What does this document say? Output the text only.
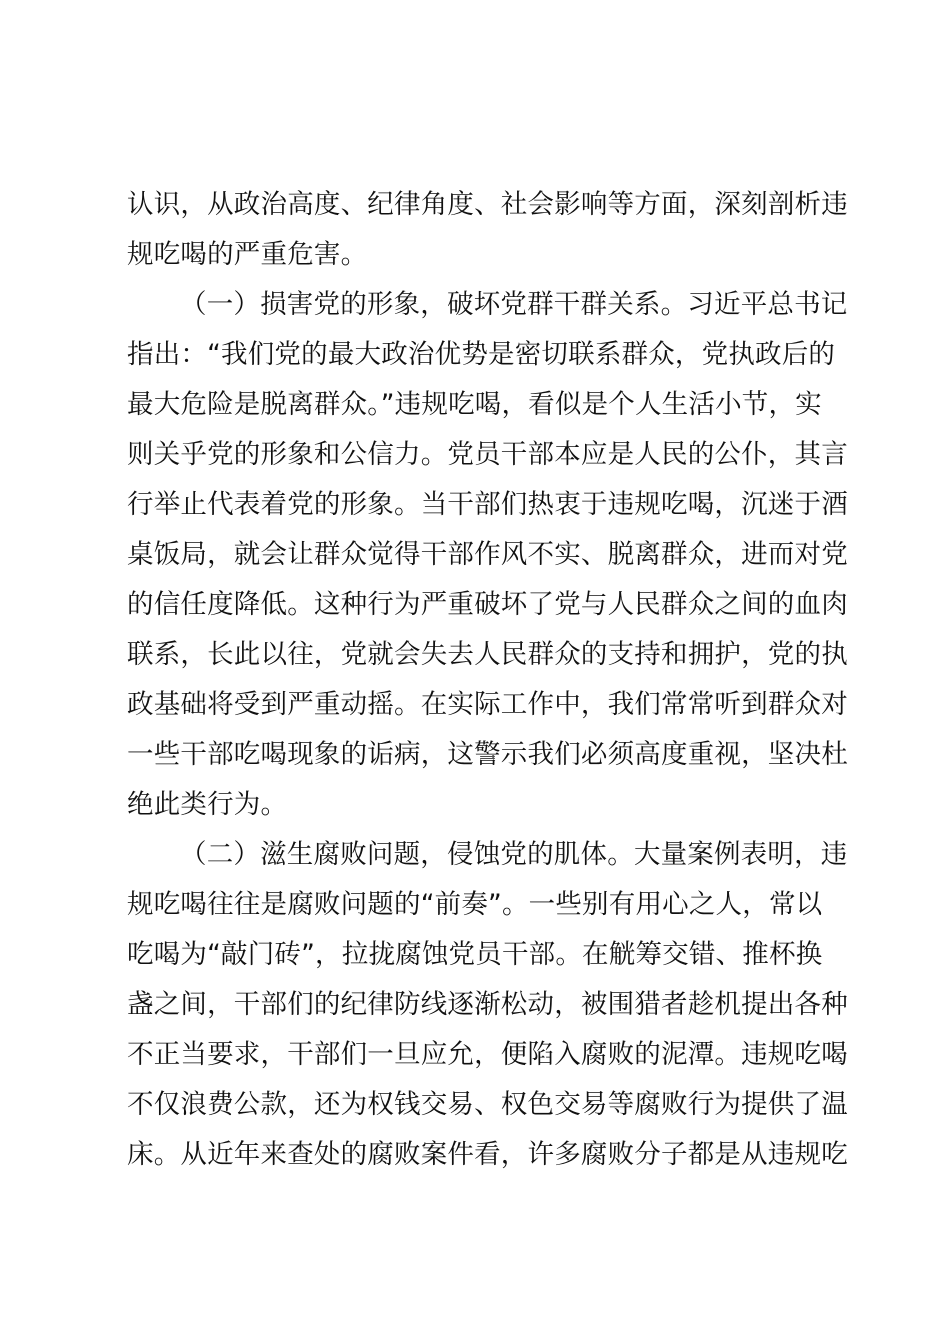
认识，从政治高度、纪律角度、社会影响等方面，深刻剖析违
规吃喝的严重危害。

（一）损害党的形象，破坏党群干群关系。习近平总书记
指出：“我们党的最大政治优势是密切联系群众，党执政后的
最大危险是脱离群众。”违规吃喝，看似是个人生活小节，实
则关乎党的形象和公信力。党员干部本应是人民的公仆，其言
行举止代表着党的形象。当干部们热衷于违规吃喝，沉迷于酒
桌饭局，就会让群众觉得干部作风不实、脱离群众，进而对党
的信任度降低。这种行为严重破坏了党与人民群众之间的血肉
联系，长此以往，党就会失去人民群众的支持和拥护，党的执
政基础将受到严重动摇。在实际工作中，我们常常听到群众对
一些干部吃喝现象的诟病，这警示我们必须高度重视，坚决杜
绝此类行为。

（二）滋生腐败问题，侵蚀党的肌体。大量案例表明，违
规吃喝往往是腐败问题的“前奏”。一些别有用心之人，常以
吃喝为“敲门砖”，拉拢腐蚀党员干部。在觥筹交错、推杯换
盏之间，干部们的纪律防线逐渐松动，被围猎者趁机提出各种
不正当要求，干部们一旦应允，便陷入腐败的泥潭。违规吃喝
不仅浪费公款，还为权钱交易、权色交易等腐败行为提供了温
床。从近年来查处的腐败案件看，许多腐败分子都是从违规吃
